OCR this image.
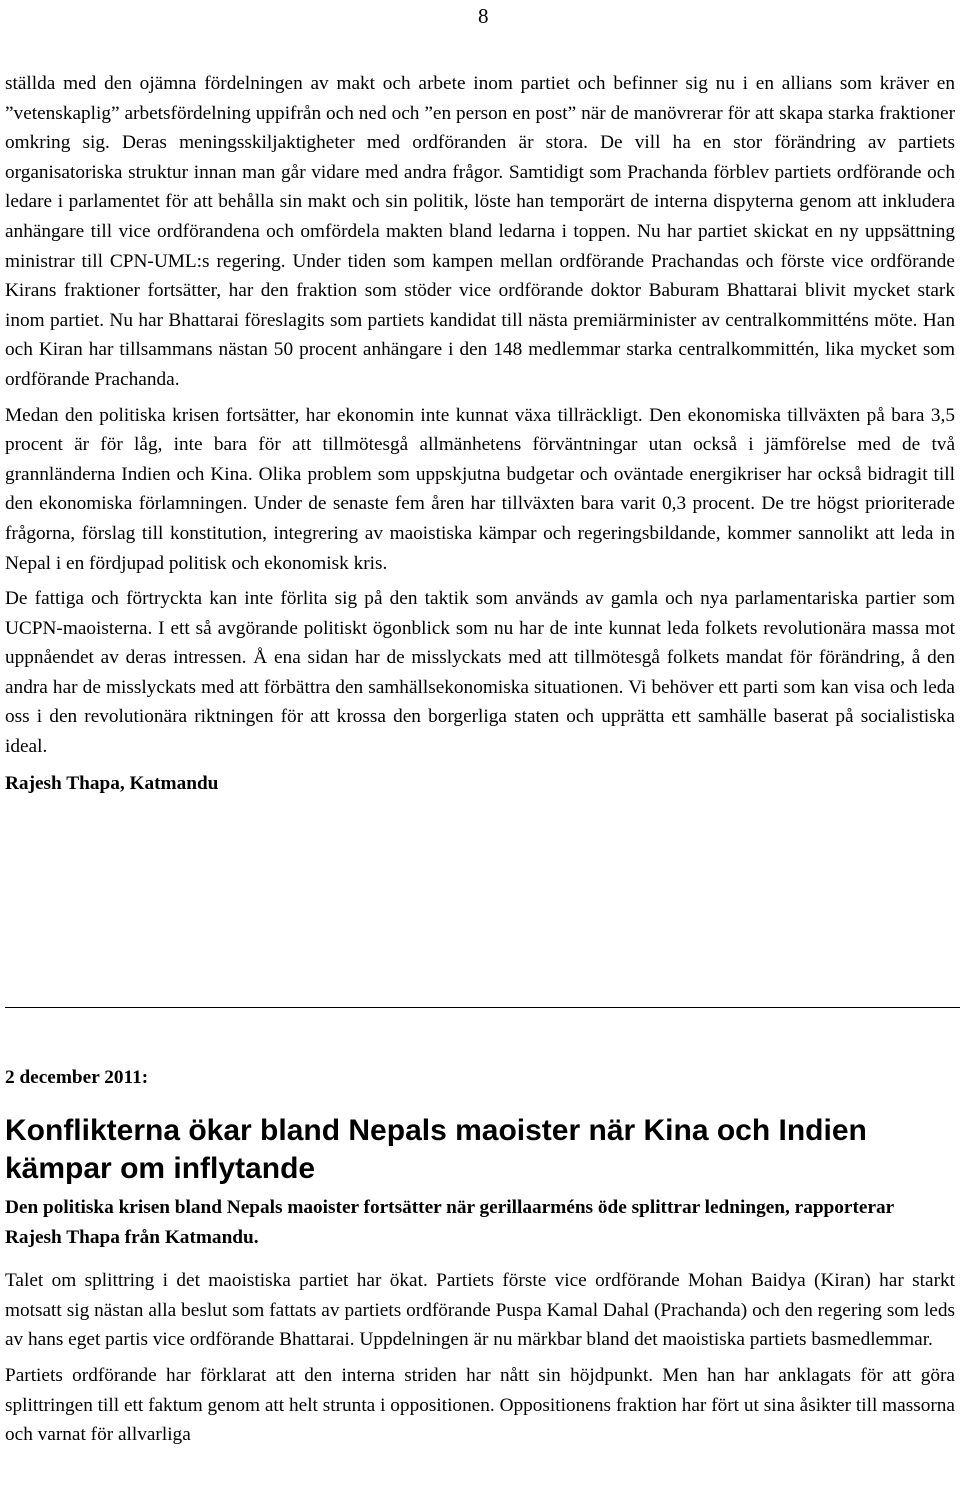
8

ställda med den ojämna fördelningen av makt och arbete inom partiet och befinner sig nu i en allians som kräver en ”vetenskaplig” arbetsfördelning uppifrån och ned och ”en person en post” när de manövrerar för att skapa starka fraktioner omkring sig. Deras meningsskiljaktigheter med ordföranden är stora. De vill ha en stor förändring av partiets organisatoriska struktur innan man går vidare med andra frågor. Samtidigt som Prachanda förblev partiets ordförande och ledare i parlamentet för att behålla sin makt och sin politik, löste han temporärt de interna dispyterna genom att inkludera anhängare till vice ordförandena och omfördela makten bland ledarna i toppen. Nu har partiet skickat en ny uppsättning ministrar till CPN-UML:s regering. Under tiden som kampen mellan ordförande Prachandas och förste vice ordförande Kirans fraktioner fortsätter, har den fraktion som stöder vice ordförande doktor Baburam Bhattarai blivit mycket stark inom partiet. Nu har Bhattarai föreslagits som partiets kandidat till nästa premiärminister av centralkommitténs möte. Han och Kiran har tillsammans nästan 50 procent anhängare i den 148 medlemmar starka centralkommittén, lika mycket som ordförande Prachanda.

Medan den politiska krisen fortsätter, har ekonomin inte kunnat växa tillräckligt. Den ekonomiska tillväxten på bara 3,5 procent är för låg, inte bara för att tillmötesgå allmänhetens förväntningar utan också i jämförelse med de två grannländerna Indien och Kina. Olika problem som uppskjutna budgetar och oväntade energikriser har också bidragit till den ekonomiska förlamningen. Under de senaste fem åren har tillväxten bara varit 0,3 procent. De tre högst prioriterade frågorna, förslag till konstitution, integrering av maoistiska kämpar och regeringsbildande, kommer sannolikt att leda in Nepal i en fördjupad politisk och ekonomisk kris.

De fattiga och förtryckta kan inte förlita sig på den taktik som används av gamla och nya parlamentariska partier som UCPN-maoisterna. I ett så avgörande politiskt ögonblick som nu har de inte kunnat leda folkets revolutionära massa mot uppnåendet av deras intressen. Å ena sidan har de misslyckats med att tillmötesgå folkets mandat för förändring, å den andra har de misslyckats med att förbättra den samhällsekonomiska situationen. Vi behöver ett parti som kan visa och leda oss i den revolutionära riktningen för att krossa den borgerliga staten och upprätta ett samhälle baserat på socialistiska ideal.

Rajesh Thapa, Katmandu

2 december 2011:

Konflikterna ökar bland Nepals maoister när Kina och Indien kämpar om inflytande

Den politiska krisen bland Nepals maoister fortsätter när gerillaarméns öde splittrar ledningen, rapporterar Rajesh Thapa från Katmandu.

Talet om splittring i det maoistiska partiet har ökat. Partiets förste vice ordförande Mohan Baidya (Kiran) har starkt motsatt sig nästan alla beslut som fattats av partiets ordförande Puspa Kamal Dahal (Prachanda) och den regering som leds av hans eget partis vice ordförande Bhattarai. Uppdelningen är nu märkbar bland det maoistiska partiets basmedlemmar.

Partiets ordförande har förklarat att den interna striden har nått sin höjdpunkt. Men han har anklagats för att göra splittringen till ett faktum genom att helt strunta i oppositionen. Oppositionens fraktion har fört ut sina åsikter till massorna och varnat för allvarliga
